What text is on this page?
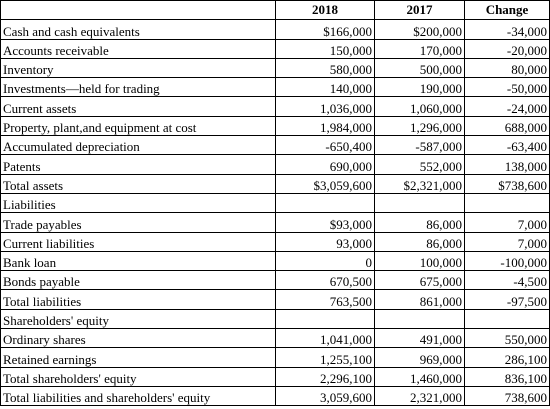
	2018	2017	Change
Cash and cash equivalents	$166,000	$200,000	-34,000
Accounts receivable	150,000	170,000	-20,000
Inventory	580,000	500,000	80,000
Investments—held for trading	140,000	190,000	-50,000
Current assets	1,036,000	1,060,000	-24,000
Property, plant,and equipment at cost	1,984,000	1,296,000	688,000
Accumulated depreciation	-650,400	-587,000	-63,400
Patents	690,000	552,000	138,000
Total assets	$3,059,600	$2,321,000	$738,600
Liabilities			
Trade payables	$93,000	86,000	7,000
Current liabilities	93,000	86,000	7,000
Bank loan	0	100,000	-100,000
Bonds payable	670,500	675,000	-4,500
Total liabilities	763,500	861,000	-97,500
Shareholders' equity			
Ordinary shares	1,041,000	491,000	550,000
Retained earnings	1,255,100	969,000	286,100
Total shareholders' equity	2,296,100	1,460,000	836,100
Total liabilities and shareholders' equity	3,059,600	2,321,000	738,600
